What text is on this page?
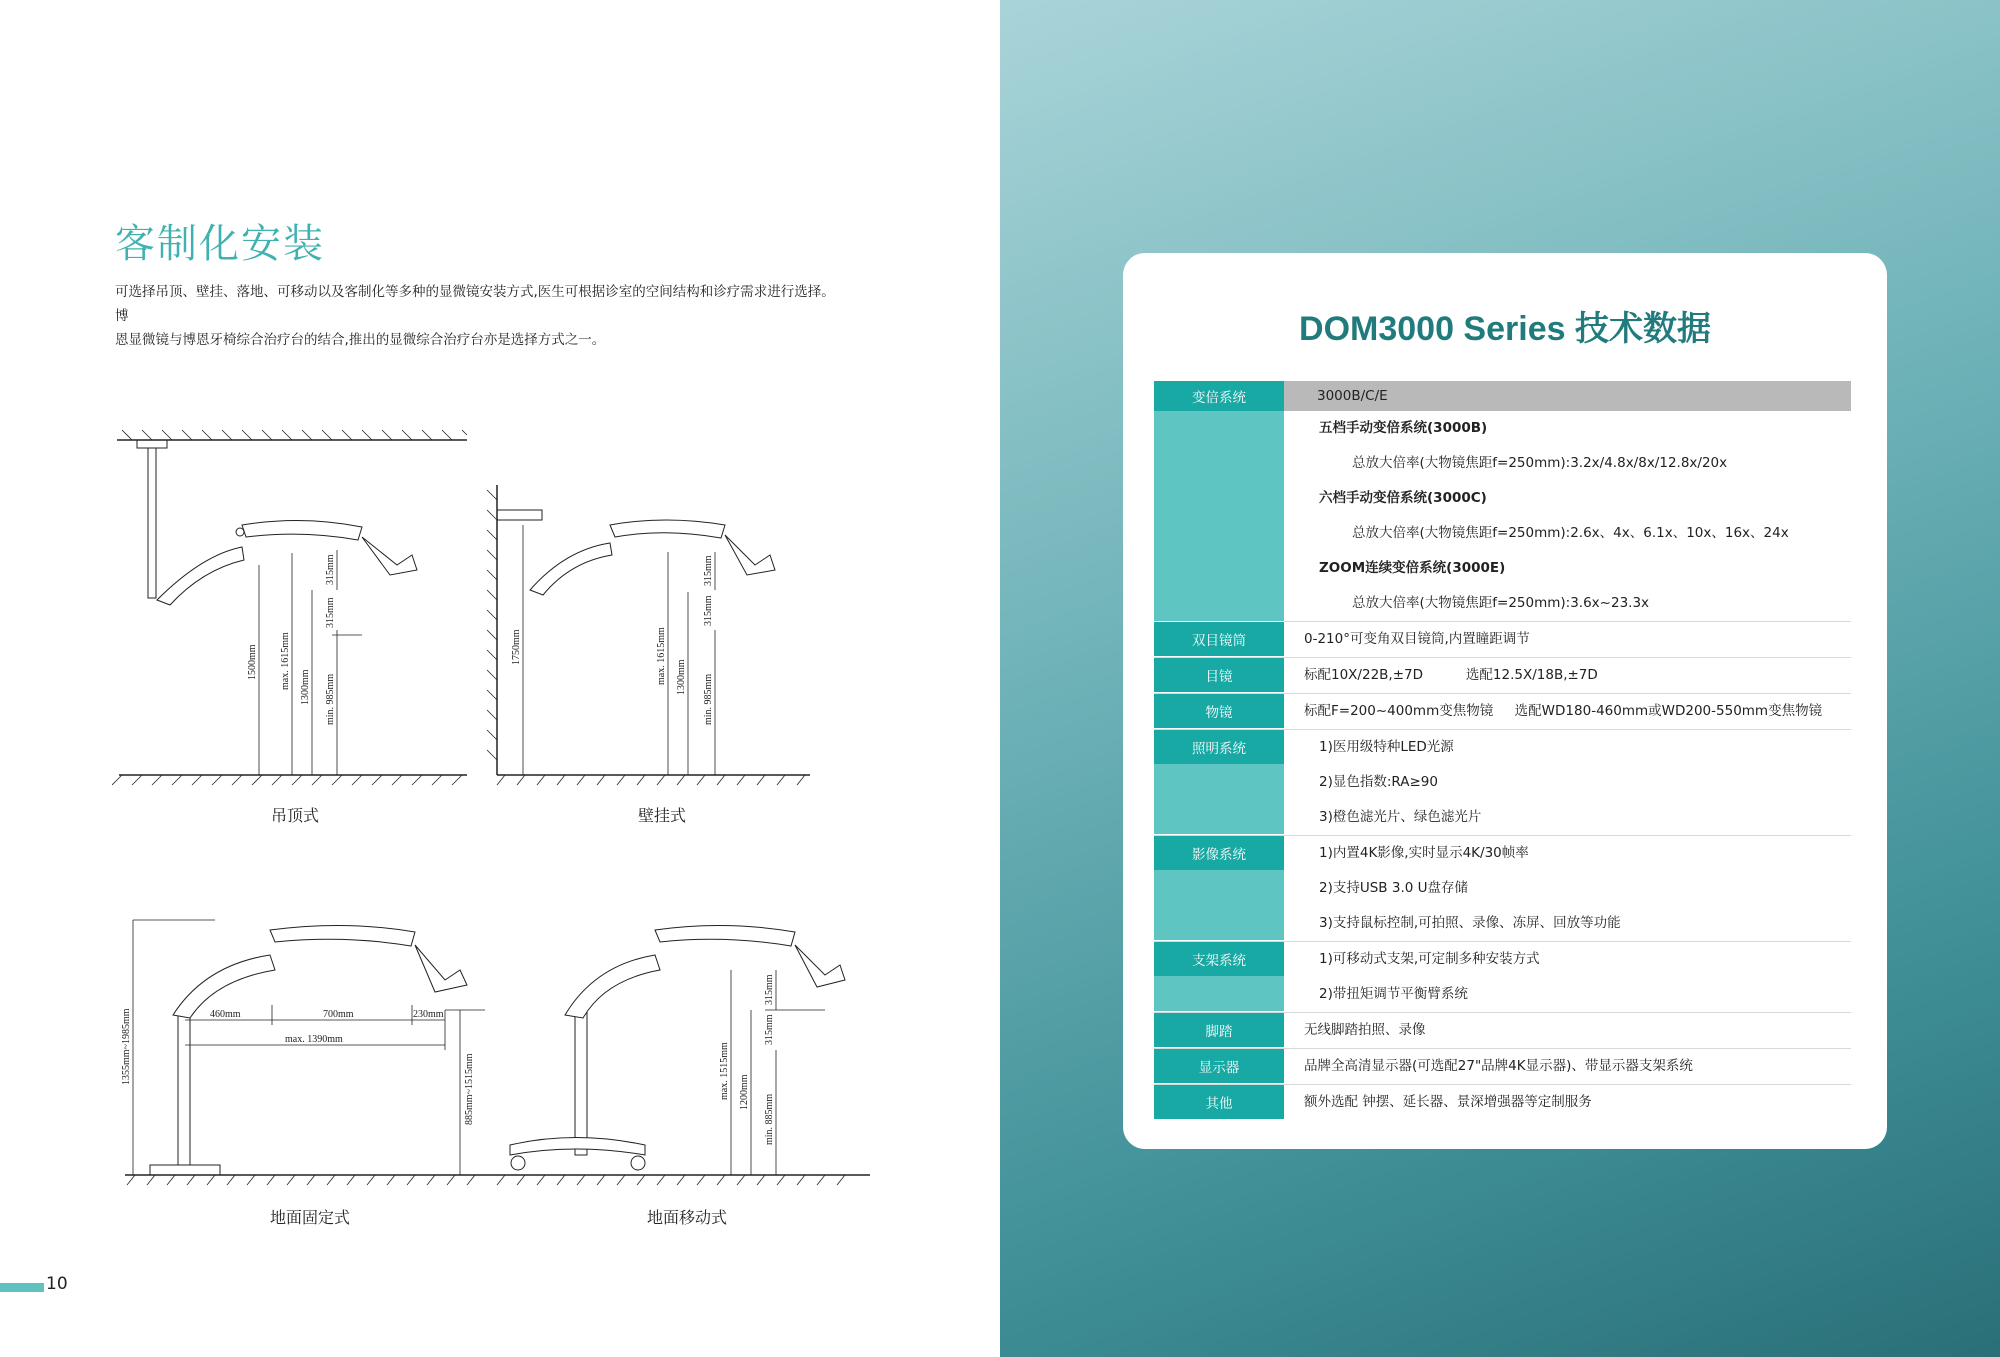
客制化安装

可选择吊顶、壁挂、落地、可移动以及客制化等多种的显微镜安装方式,医生可根据诊室的空间结构和诊疗需求进行选择。博

恩显微镜与博恩牙椅综合治疗台的结合,推出的显微综合治疗台亦是选择方式之一。

1500mm max. 1615mm 1300mm min. 985mm
315mm
315mm
吊顶式
1750mm	max. 1615mm 1300mm min. 985mm
315mm
315mm
壁挂式
1355mm~1985mm	460mm	700mm	230mm
max. 1390mm
885mm~1515mm
地面固定式
max. 1515mm 1200mm
min. 885mm
315mm
315mm
地面移动式
10
DOM3000 Series 技术数据
变倍系统	3000B/C/E
五档手动变倍系统(3000B)
总放大倍率(大物镜焦距f=250mm):3.2x/4.8x/8x/12.8x/20x
六档手动变倍系统(3000C)
总放大倍率(大物镜焦距f=250mm):2.6x、4x、6.1x、10x、16x、24x
ZOOM连续变倍系统(3000E)
总放大倍率(大物镜焦距f=250mm):3.6x~23.3x
双目镜筒	0-210°可变角双目镜筒,内置瞳距调节
目镜	标配10X/22B,±7D          选配12.5X/18B,±7D
物镜	标配F=200~400mm变焦物镜     选配WD180-460mm或WD200-550mm变焦物镜
照明系统	1)医用级特种LED光源
2)显色指数:RA≥90
3)橙色滤光片、绿色滤光片
影像系统	1)内置4K影像,实时显示4K/30帧率
2)支持USB 3.0 U盘存储
3)支持鼠标控制,可拍照、录像、冻屏、回放等功能
支架系统	1)可移动式支架,可定制多种安装方式
2)带扭矩调节平衡臂系统
脚踏	无线脚踏拍照、录像
显示器	品牌全高清显示器(可选配27"品牌4K显示器)、带显示器支架系统
其他	额外选配 钟摆、延长器、景深增强器等定制服务
